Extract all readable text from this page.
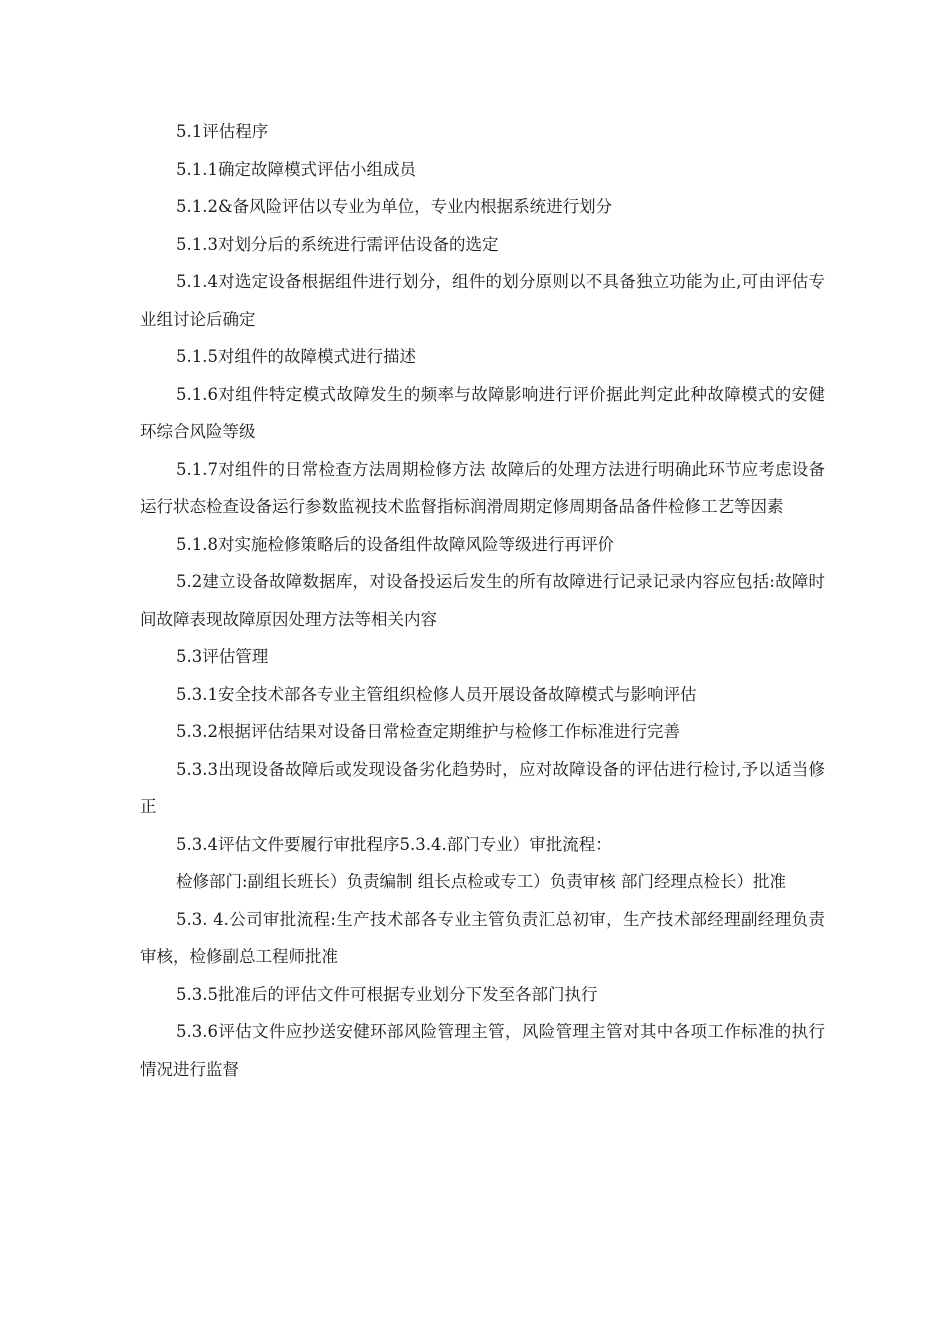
5.1评估程序

5.1.1确定故障模式评估小组成员

5.1.2&备风险评估以专业为单位，专业内根据系统进行划分

5.1.3对划分后的系统进行需评估设备的选定

5.1.4对选定设备根据组件进行划分，组件的划分原则以不具备独立功能为止,可由评估专业组讨论后确定

5.1.5对组件的故障模式进行描述

5.1.6对组件特定模式故障发生的频率与故障影响进行评价据此判定此种故障模式的安健环综合风险等级

5.1.7对组件的日常检查方法周期检修方法 故障后的处理方法进行明确此环节应考虑设备运行状态检查设备运行参数监视技术监督指标润滑周期定修周期备品备件检修工艺等因素

5.1.8对实施检修策略后的设备组件故障风险等级进行再评价

5.2建立设备故障数据库，对设备投运后发生的所有故障进行记录记录内容应包括:故障时间故障表现故障原因处理方法等相关内容

5.3评估管理

5.3.1安全技术部各专业主管组织检修人员开展设备故障模式与影响评估

5.3.2根据评估结果对设备日常检查定期维护与检修工作标准进行完善

5.3.3出现设备故障后或发现设备劣化趋势时，应对故障设备的评估进行检讨,予以适当修正

5.3.4评估文件要履行审批程序5.3.4.部门专业）审批流程：

检修部门:副组长班长）负责编制 组长点检或专工）负责审核 部门经理点检长）批准

5.3. 4.公司审批流程:生产技术部各专业主管负责汇总初审，生产技术部经理副经理负责审核，检修副总工程师批准

5.3.5批准后的评估文件可根据专业划分下发至各部门执行

5.3.6评估文件应抄送安健环部风险管理主管，风险管理主管对其中各项工作标准的执行情况进行监督
